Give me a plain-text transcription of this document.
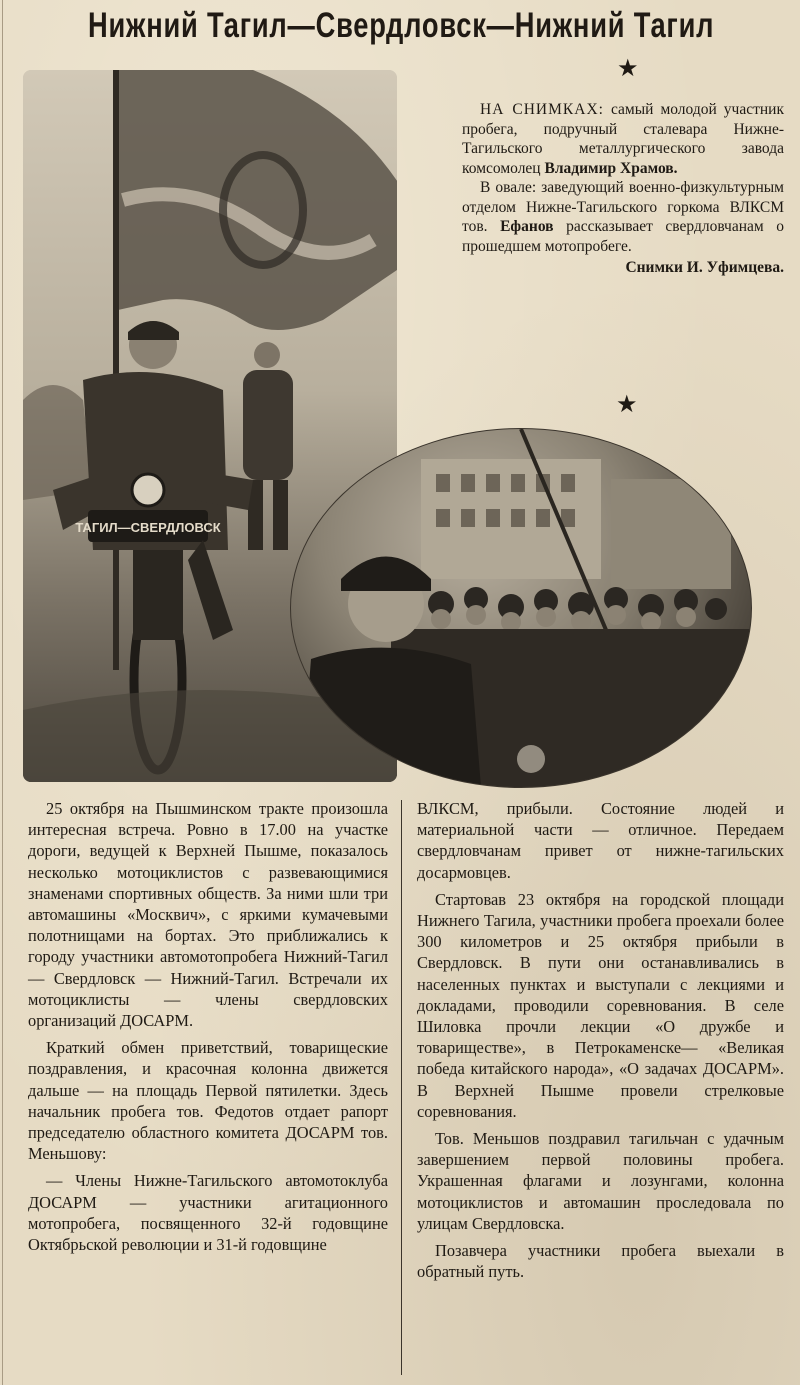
Нижний Тагил—Свердловск—Нижний Тагил
★
★
ТАГИЛ—СВЕРДЛОВСК

НА СНИМКАХ: самый молодой участник пробега, подручный сталевара Нижне-Тагильского металлургического завода комсомолец Владимир Храмов.

В овале: заведующий военно-физкультурным отделом Нижне-Тагильского горкома ВЛКСМ тов. Ефанов рассказывает свердловчанам о прошедшем мотопробеге.

Снимки И. Уфимцева.

25 октября на Пышминском тракте произошла интересная встреча. Ровно в 17.00 на участке дороги, ведущей к Верхней Пышме, показалось несколько мотоциклистов с развевающимися знаменами спортивных обществ. За ними шли три автомашины «Москвич», с яркими кумачевыми полотнищами на бортах. Это приближались к городу участники автомотопробега Нижний-Тагил — Свердловск — Нижний-Тагил. Встречали их мотоциклисты — члены свердловских организаций ДОСАРМ.

Краткий обмен приветствий, товарищеские поздравления, и красочная колонна движется дальше — на площадь Первой пятилетки. Здесь начальник пробега тов. Федотов отдает рапорт председателю областного комитета ДОСАРМ тов. Меньшову:

— Члены Нижне-Тагильского автомотоклуба ДОСАРМ — участники агитационного мотопробега, посвященного 32-й годовщине Октябрьской революции и 31-й годовщине

ВЛКСМ, прибыли. Состояние людей и материальной части — отличное. Передаем свердловчанам привет от нижне-тагильских досармовцев.

Стартовав 23 октября на городской площади Нижнего Тагила, участники пробега проехали более 300 километров и 25 октября прибыли в Свердловск. В пути они останавливались в населенных пунктах и выступали с лекциями и докладами, проводили соревнования. В селе Шиловка прочли лекции «О дружбе и товариществе», в Петрокаменске— «Великая победа китайского народа», «О задачах ДОСАРМ». В Верхней Пышме провели стрелковые соревнования.

Тов. Меньшов поздравил тагильчан с удачным завершением первой половины пробега. Украшенная флагами и лозунгами, колонна мотоциклистов и автомашин проследовала по улицам Свердловска.

Позавчера участники пробега выехали в обратный путь.
